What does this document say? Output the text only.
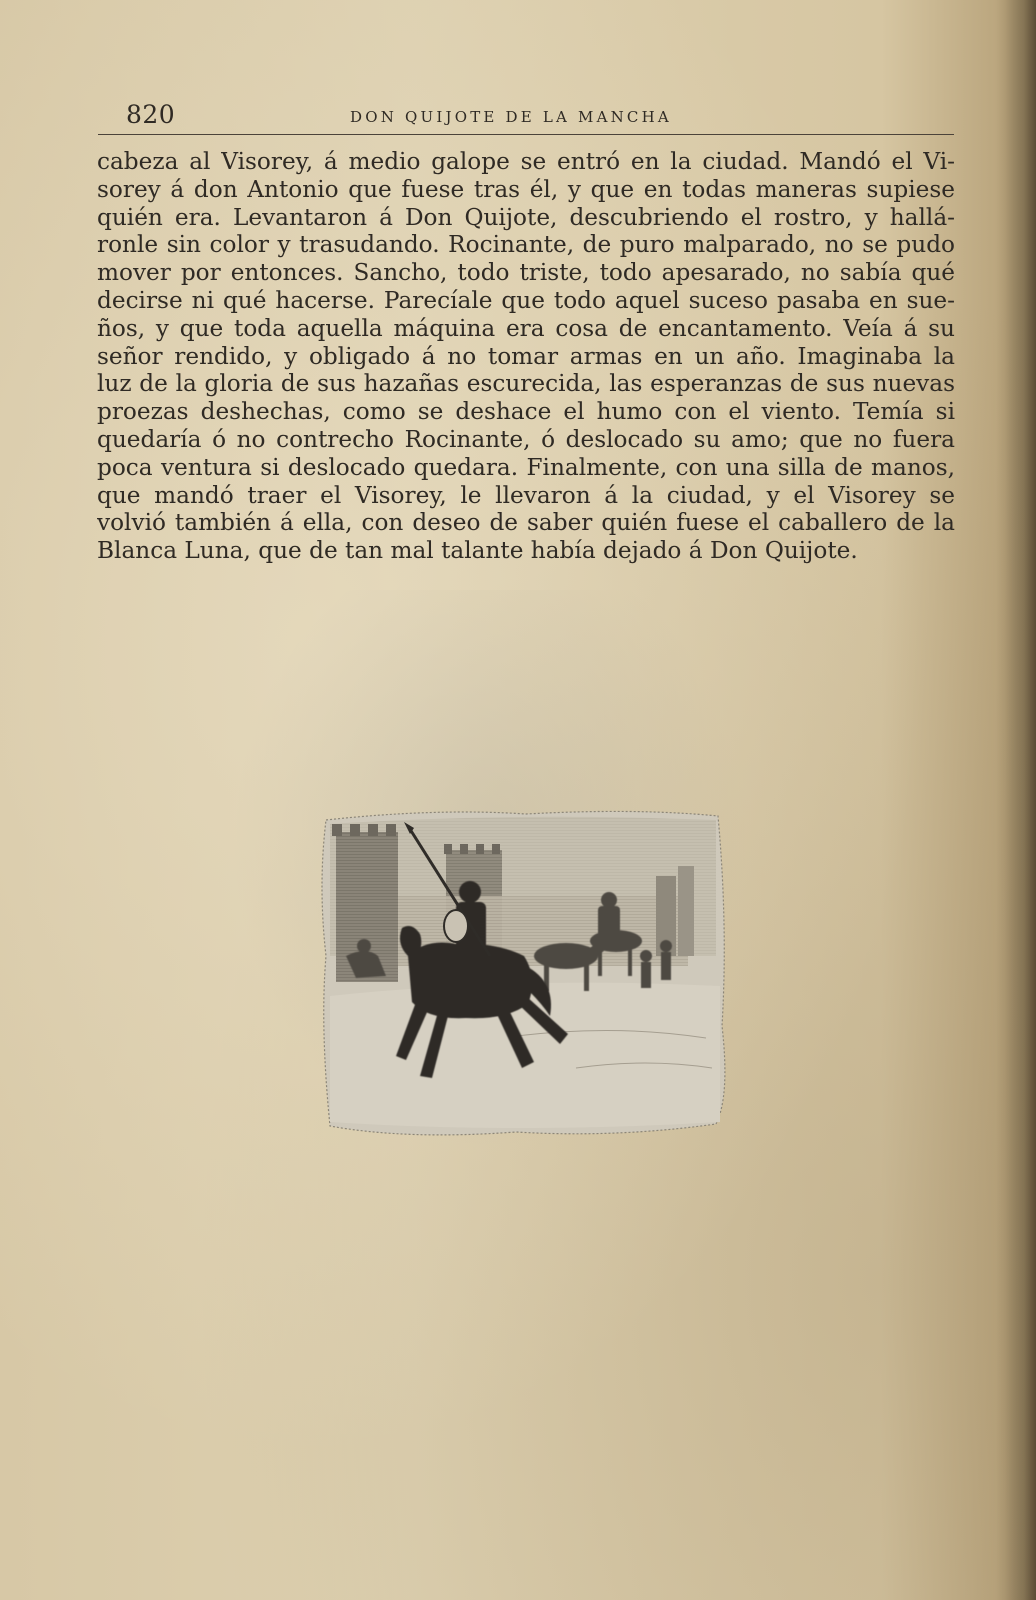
820	DON QUIJOTE DE LA MANCHA
cabeza al Visorey, á medio galope se entró en la ciudad. Mandó el Vi-
sorey á don Antonio que fuese tras él, y que en todas maneras supiese
quién era. Levantaron á Don Quijote, descubriendo el rostro, y hallá-
ronle sin color y trasudando. Rocinante, de puro malparado, no se pudo
mover por entonces. Sancho, todo triste, todo apesarado, no sabía qué
decirse ni qué hacerse. Parecíale que todo aquel suceso pasaba en sue-
ños, y que toda aquella máquina era cosa de encantamento. Veía á su
señor rendido, y obligado á no tomar armas en un año. Imaginaba la
luz de la gloria de sus hazañas escurecida, las esperanzas de sus nuevas
proezas deshechas, como se deshace el humo con el viento. Temía si
quedaría ó no contrecho Rocinante, ó deslocado su amo; que no fuera
poca ventura si deslocado quedara. Finalmente, con una silla de manos,
que mandó traer el Visorey, le llevaron á la ciudad, y el Visorey se
volvió también á ella, con deseo de saber quién fuese el caballero de la
Blanca Luna, que de tan mal talante había dejado á Don Quijote.
